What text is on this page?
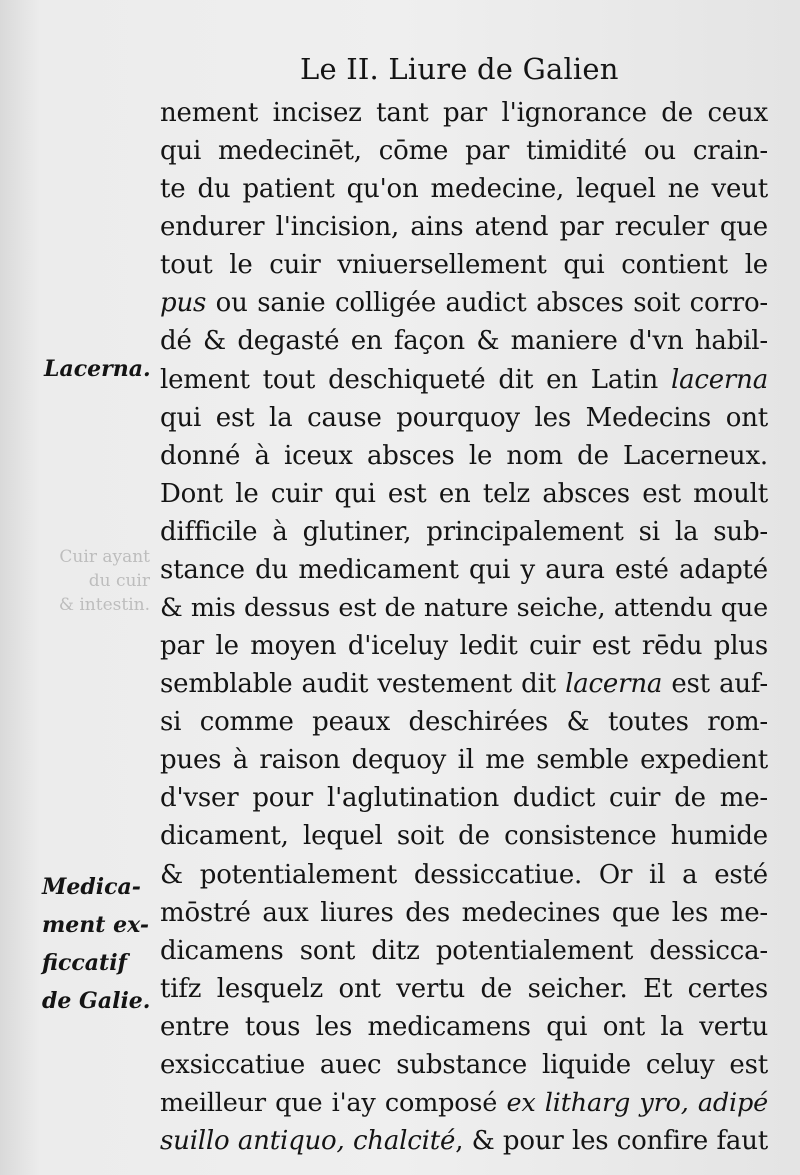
Cuir ayant
du cuir
& intestin.
Le II. Liure de Galien
Lacerna.
Medica-
ment ex-
ficcatif
de Galie.
nement incisez tant par l'ignorance de ceux
qui medecinēt, cōme par timidité ou crain-
te du patient qu'on medecine, lequel ne veut
endurer l'incision, ains atend par reculer que
tout le cuir vniuersellement qui contient le
pus ou sanie colligée audict absces soit corro-
dé & degasté en façon & maniere d'vn habil-
lement tout deschiqueté dit en Latin lacerna
qui est la cause pourquoy les Medecins ont
donné à iceux absces le nom de Lacerneux.
Dont le cuir qui est en telz absces est moult
difficile à glutiner, principalement si la sub-
stance du medicament qui y aura esté adapté
& mis dessus est de nature seiche, attendu que
par le moyen d'iceluy ledit cuir est rēdu plus
semblable audit vestement dit lacerna est auf-
si comme peaux deschirées & toutes rom-
pues à raison dequoy il me semble expedient
d'vser pour l'aglutination dudict cuir de me-
dicament, lequel soit de consistence humide
& potentialement dessiccatiue. Or il a esté
mōstré aux liures des medecines que les me-
dicamens sont ditz potentialement dessicca-
tifz lesquelz ont vertu de seicher. Et certes
entre tous les medicamens qui ont la vertu
exsiccatiue auec substance liquide celuy est
meilleur que i'ay composé ex litharg yro, adipé
suillo antiquo, chalcité, & pour les confire faut
